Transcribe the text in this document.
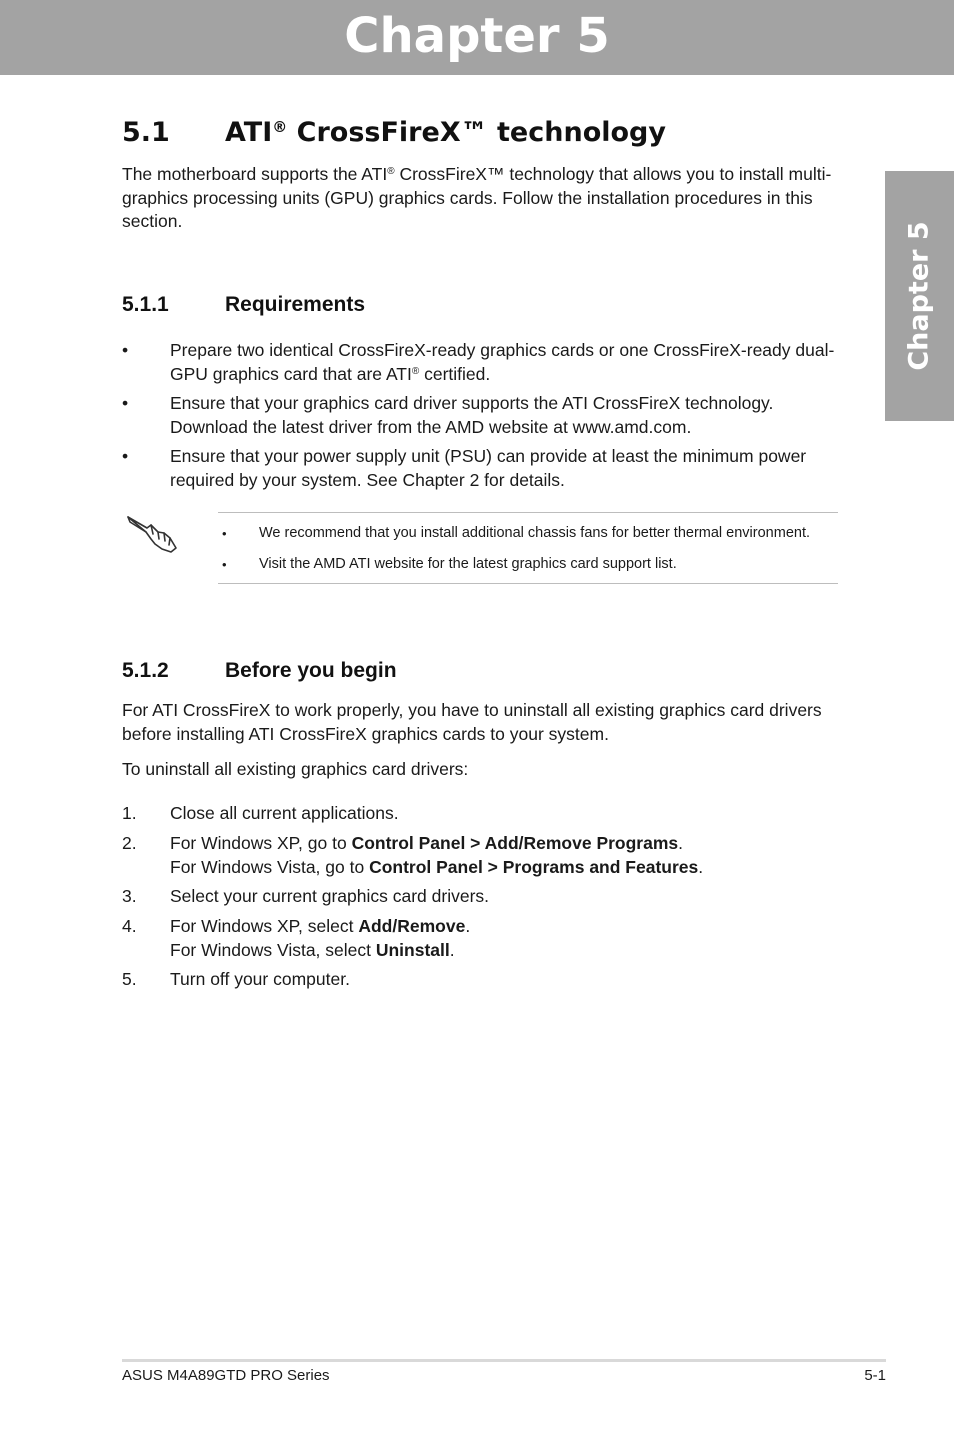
Chapter 5
Chapter 5
5.1 ATI® CrossFireX™ technology
The motherboard supports the ATI® CrossFireX™ technology that allows you to install multi-graphics processing units (GPU) graphics cards. Follow the installation procedures in this section.
5.1.1	Requirements
• Prepare two identical CrossFireX-ready graphics cards or one CrossFireX-ready dual-GPU graphics card that are ATI® certified.
• Ensure that your graphics card driver supports the ATI CrossFireX technology. Download the latest driver from the AMD website at www.amd.com.
• Ensure that your power supply unit (PSU) can provide at least the minimum power required by your system. See Chapter 2 for details.
• We recommend that you install additional chassis fans for better thermal environment.
• Visit the AMD ATI website for the latest graphics card support list.
5.1.2	Before you begin
For ATI CrossFireX to work properly, you have to uninstall all existing graphics card drivers before installing ATI CrossFireX graphics cards to your system.
To uninstall all existing graphics card drivers:
1. Close all current applications.
2. For Windows XP, go to Control Panel > Add/Remove Programs.
For Windows Vista, go to Control Panel > Programs and Features.
3. Select your current graphics card drivers.
4. For Windows XP, select Add/Remove.
For Windows Vista, select Uninstall.
5. Turn off your computer.
ASUS M4A89GTD PRO Series	5-1
